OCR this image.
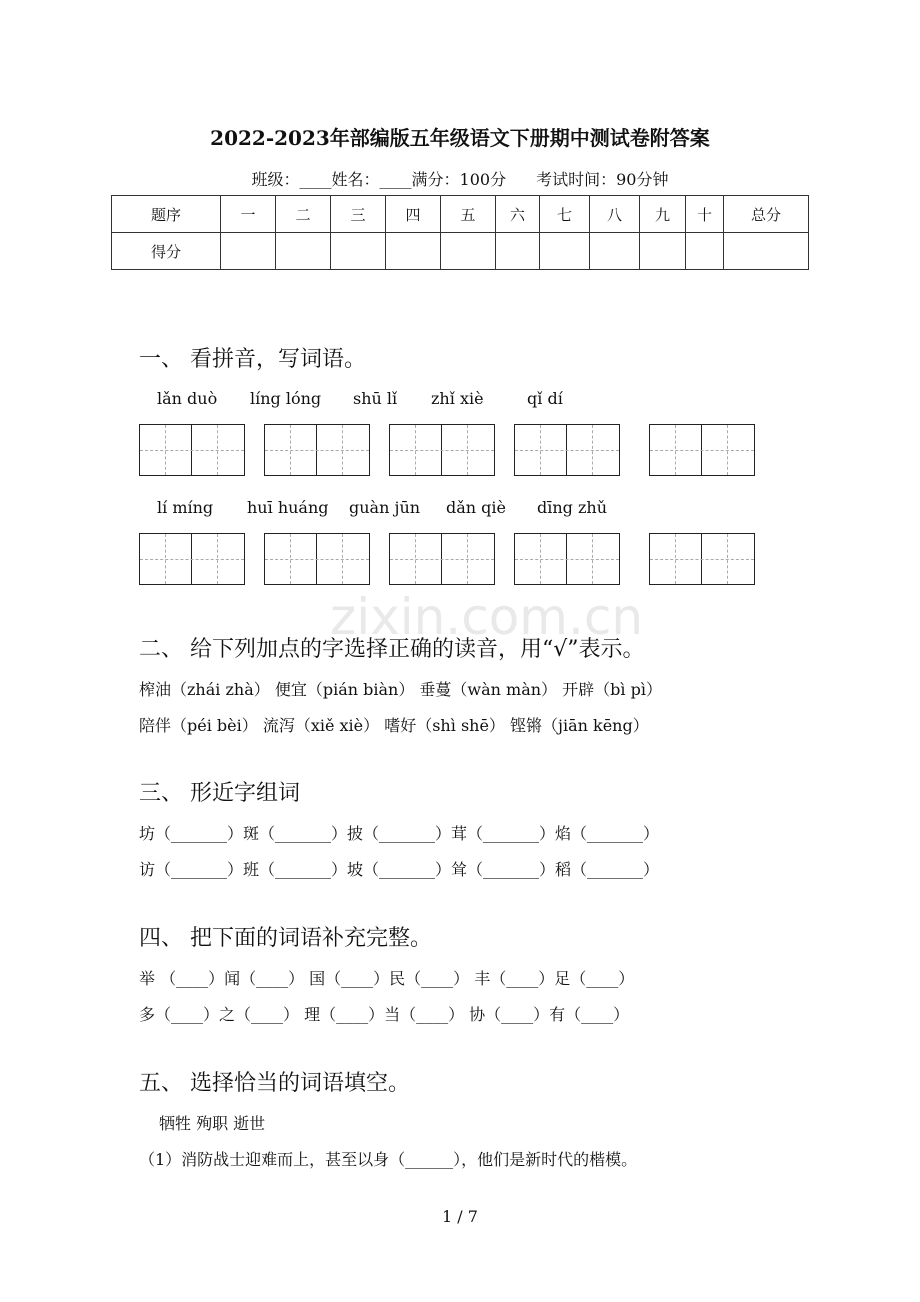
2022-2023年部编版五年级语文下册期中测试卷附答案
班级：____姓名：____满分：100分 考试时间：90分钟
题序	一	二	三	四	五	六	七	八	九	十	总分
得分											
一、 看拼音，写词语。
lǎn duò líng lóng shū lǐ zhǐ xiè	qǐ dí
lí míng huī huáng guàn jūn dǎn qiè dīng zhǔ
zixin.com.cn
二、 给下列加点的字选择正确的读音，用“√”表示。
榨油（zhái zhà） 便宜（pián biàn） 垂蔓（wàn màn） 开辟（bì pì）
陪伴（péi bèi） 流泻（xiě xiè） 嗜好（shì shē） 铿锵（jiān kēng）
三、 形近字组词
坊（_______）斑（_______）披（_______）茸（_______）焰（_______）
访（_______）班（_______）坡（_______）耸（_______）稻（_______）
四、 把下面的词语补充完整。
举 （____）闻（____） 国（____）民（____） 丰（____）足（____）
多（____）之（____） 理（____）当（____） 协（____）有（____）
五、 选择恰当的词语填空。
牺牲 殉职 逝世
（1）消防战士迎难而上，甚至以身（______），他们是新时代的楷模。
1 / 7
